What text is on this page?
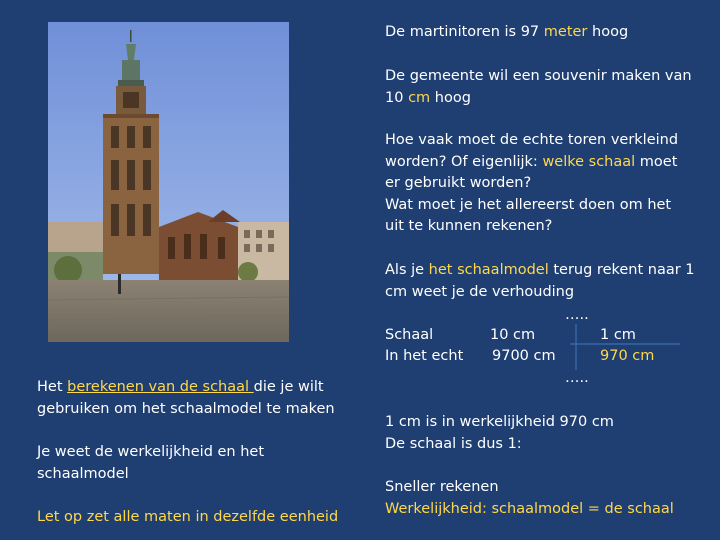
De martinitoren is 97 meter hoog
De gemeente wil een souvenir maken van
10 cm hoog
Hoe vaak moet de echte toren verkleind
worden? Of eigenlijk: welke schaal moet
er gebruikt worden?
Wat moet je het allereerst doen om het
uit te kunnen rekenen?
Als je het schaalmodel terug rekent naar 1
cm weet je de verhouding
…..
Schaal	10 cm	1 cm
In het echt 9700 cm	970 cm
…..
1 cm is in werkelijkheid 970 cm
De schaal is dus 1:
Sneller rekenen
Werkelijkheid: schaalmodel = de schaal
Het berekenen van de schaal die je wilt
gebruiken om het schaalmodel te maken
Je weet de werkelijkheid en het
schaalmodel
Let op zet alle maten in dezelfde eenheid
